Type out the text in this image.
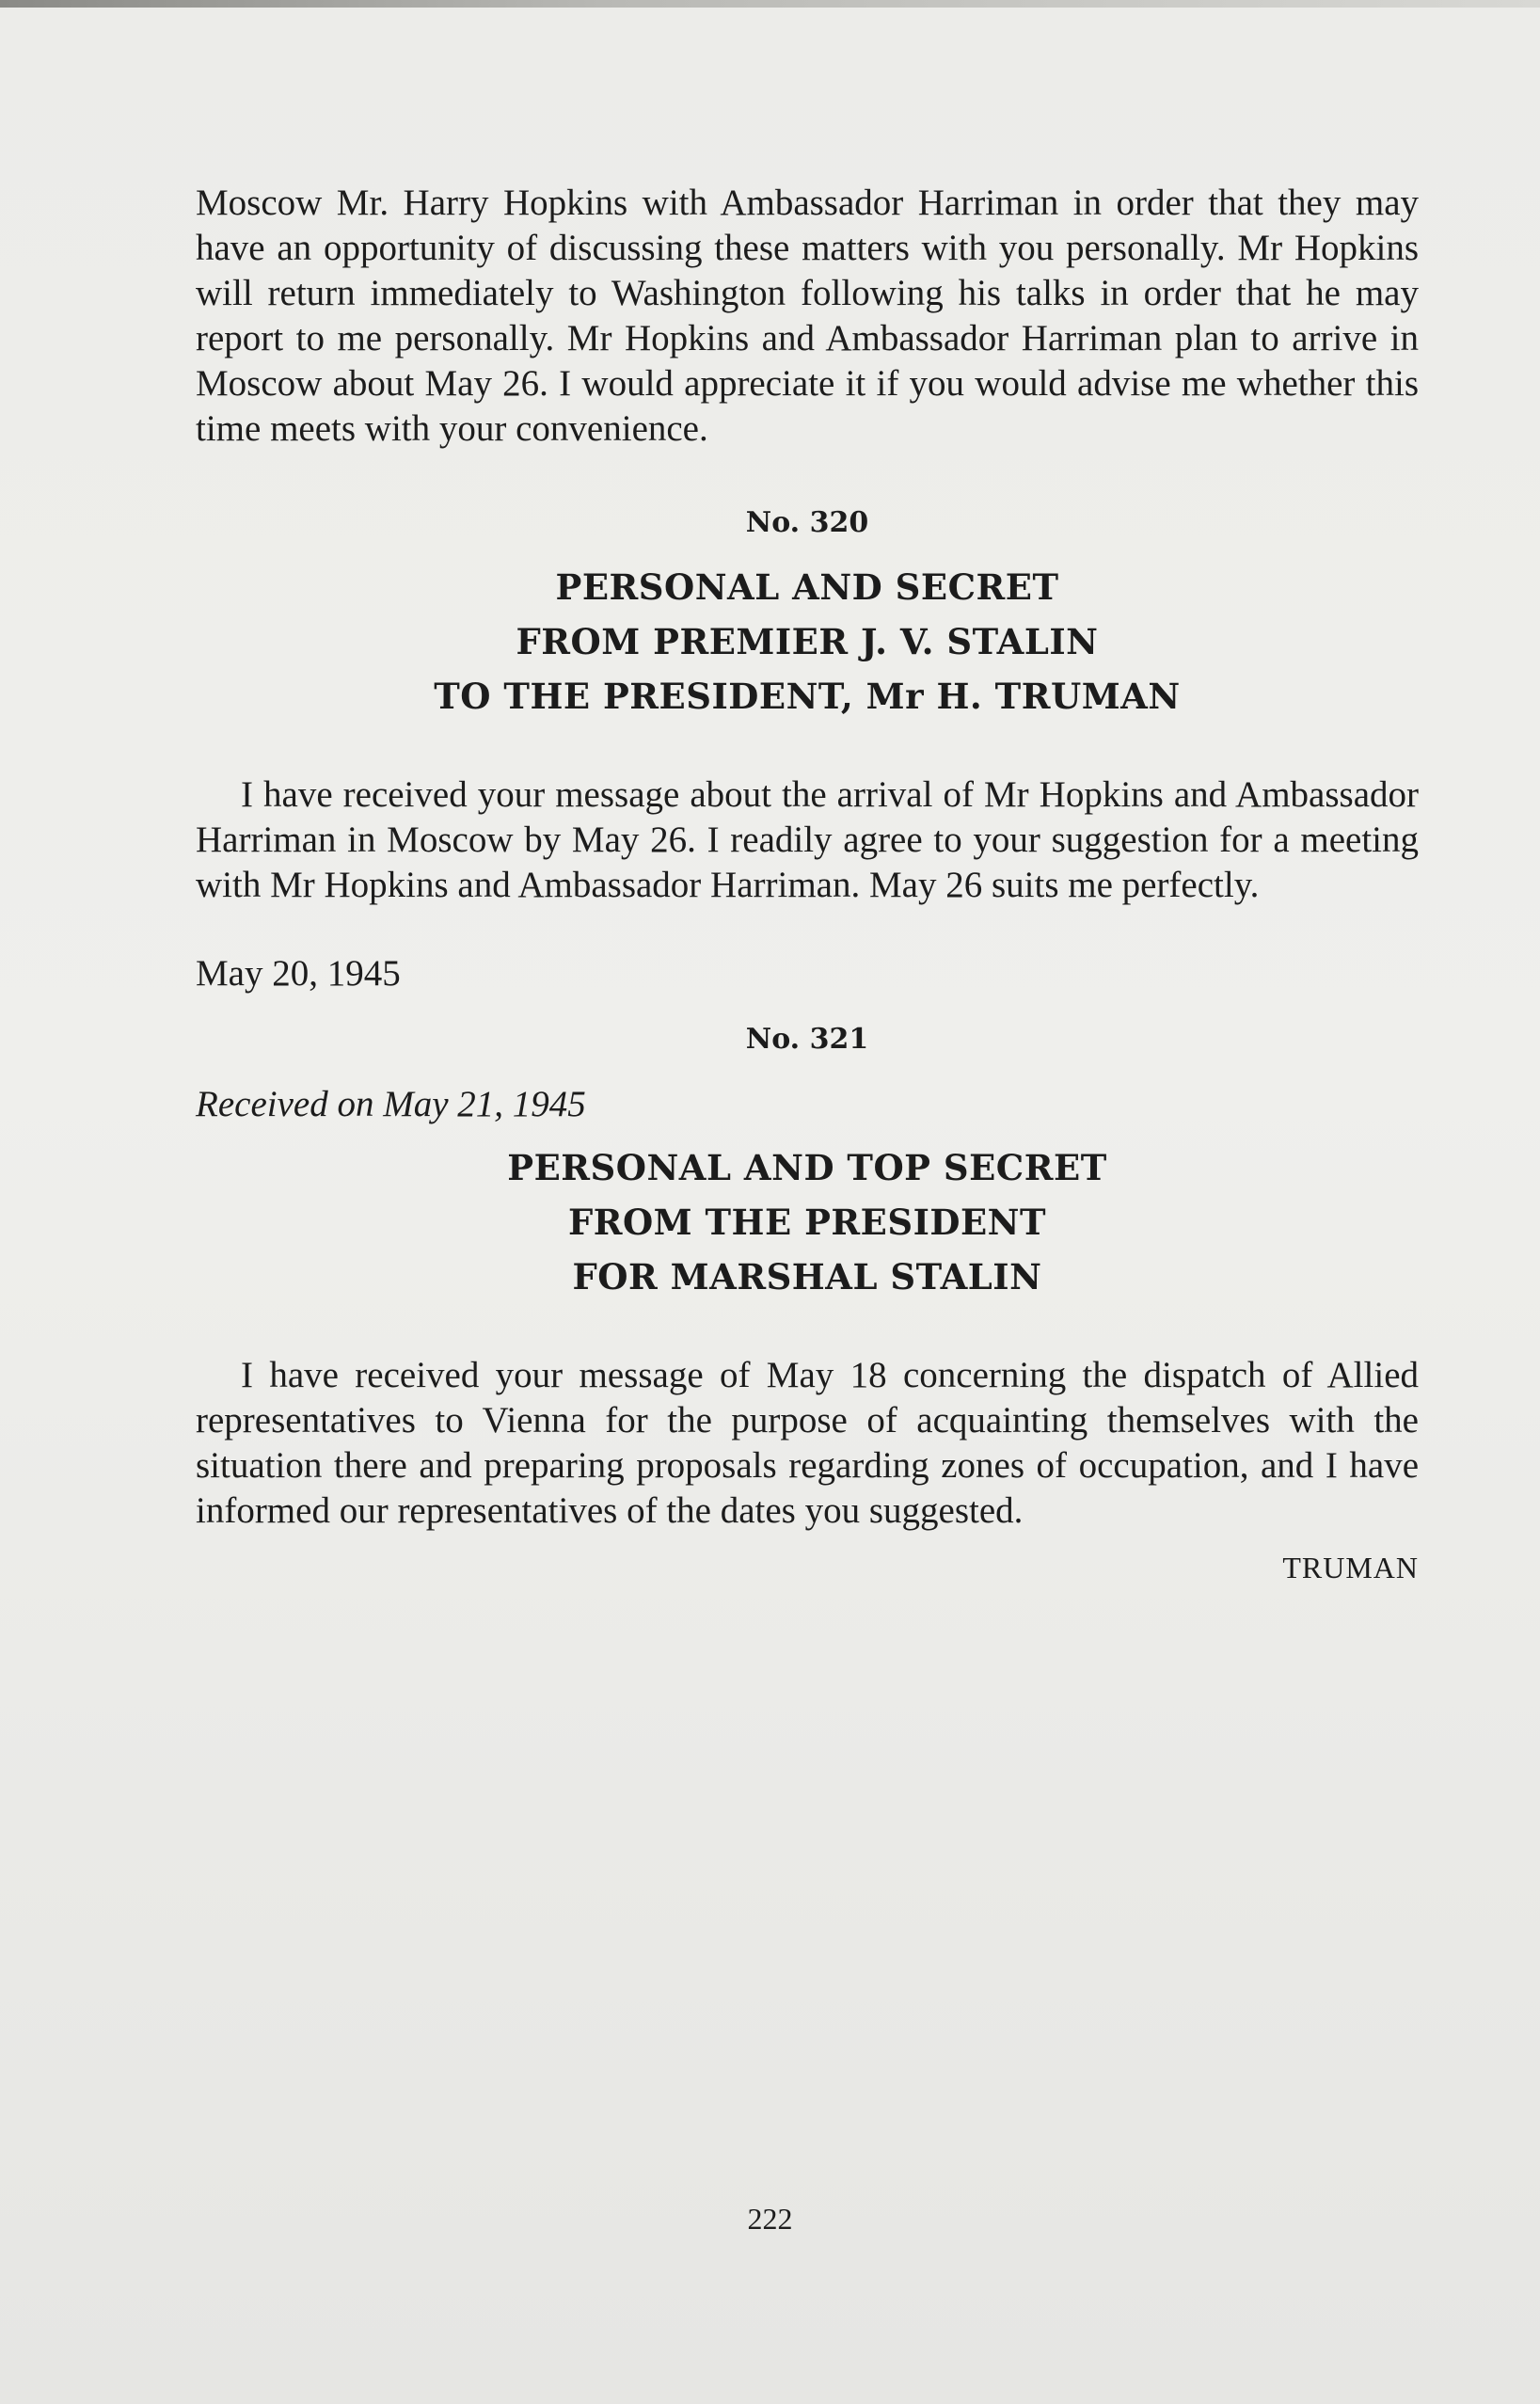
Moscow Mr. Harry Hopkins with Ambassador Harriman in order that they may have an opportunity of discussing these matters with you personally. Mr Hopkins will return immediately to Washington following his talks in order that he may report to me personally. Mr Hopkins and Ambassador Harriman plan to arrive in Moscow about May 26. I would appreciate it if you would advise me whether this time meets with your convenience.

No. 320

PERSONAL AND SECRET

FROM PREMIER J. V. STALIN

TO THE PRESIDENT, Mr H. TRUMAN

I have received your message about the arrival of Mr Hopkins and Ambassador Harriman in Moscow by May 26. I readily agree to your suggestion for a meeting with Mr Hopkins and Ambassador Harriman. May 26 suits me perfectly.

May 20, 1945

No. 321

Received on May 21, 1945

PERSONAL AND TOP SECRET

FROM THE PRESIDENT

FOR MARSHAL STALIN

I have received your message of May 18 concerning the dispatch of Allied representatives to Vienna for the purpose of acquainting themselves with the situation there and preparing proposals regarding zones of occupation, and I have informed our representatives of the dates you suggested.

TRUMAN

222
